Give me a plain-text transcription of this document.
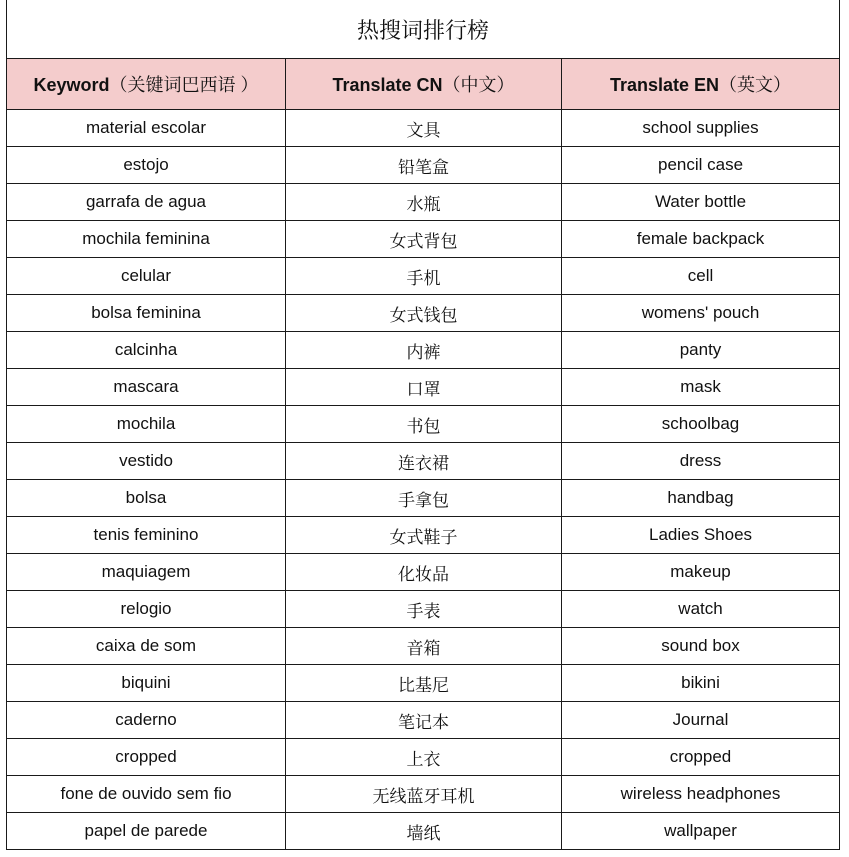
热搜词排行榜		
Keyword（关键词巴西语 ）	Translate CN（中文）	Translate EN（英文）
material escolar	文具	school supplies
estojo	铅笔盒	pencil case
garrafa de agua	水瓶	Water bottle
mochila feminina	女式背包	female backpack
celular	手机	cell
bolsa feminina	女式钱包	womens' pouch
calcinha	内裤	panty
mascara	口罩	mask
mochila	书包	schoolbag
vestido	连衣裙	dress
bolsa	手拿包	handbag
tenis feminino	女式鞋子	Ladies Shoes
maquiagem	化妆品	makeup
relogio	手表	watch
caixa de som	音箱	sound box
biquini	比基尼	bikini
caderno	笔记本	Journal
cropped	上衣	cropped
fone de ouvido sem fio	无线蓝牙耳机	wireless headphones
papel de parede	墙纸	wallpaper
